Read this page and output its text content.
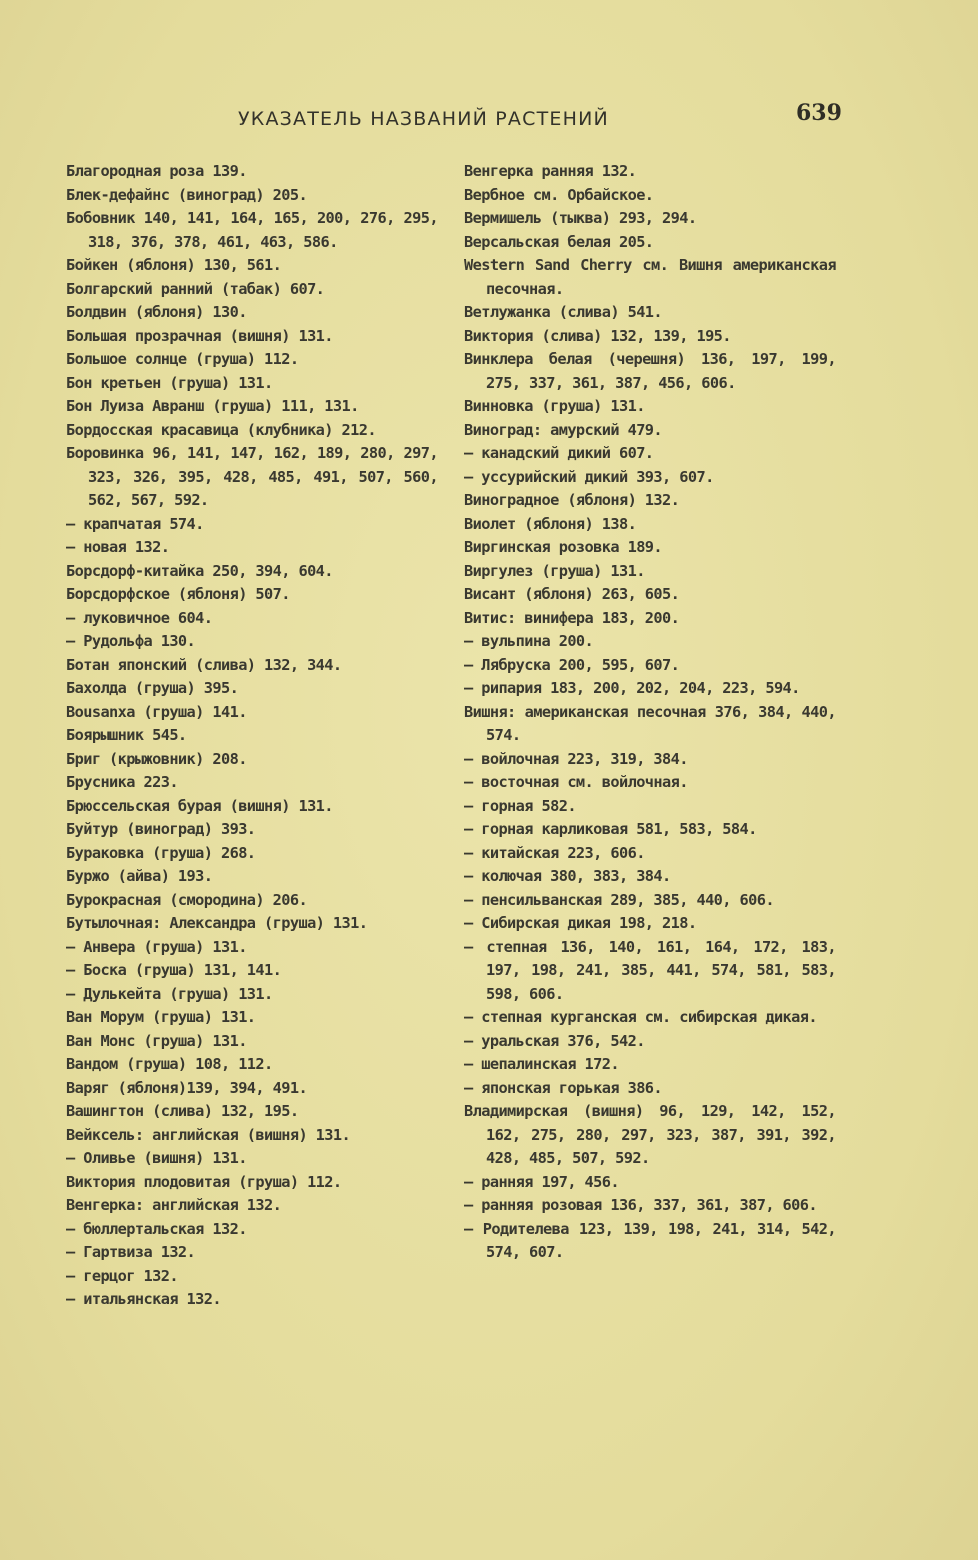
УКАЗАТЕЛЬ НАЗВАНИЙ РАСТЕНИЙ	639
Благородная роза 139.
Блек-дефайнс (виноград) 205.
Бобовник 140, 141, 164, 165, 200, 276, 295, 318, 376, 378, 461, 463, 586.
Бойкен (яблоня) 130, 561.
Болгарский ранний (табак) 607.
Болдвин (яблоня) 130.
Большая прозрачная (вишня) 131.
Большое солнце (груша) 112.
Бон кретьен (груша) 131.
Бон Луиза Авранш (груша) 111, 131.
Бордосская красавица (клубника) 212.
Боровинка 96, 141, 147, 162, 189, 280, 297, 323, 326, 395, 428, 485, 491, 507, 560, 562, 567, 592.
— крапчатая 574.
— новая 132.
Борсдорф-китайка 250, 394, 604.
Борсдорфское (яблоня) 507.
— луковичное 604.
— Рудольфа 130.
Ботан японский (слива) 132, 344.
Бахолда (груша) 395.
Bousanxa (груша) 141.
Боярышник 545.
Бриг (крыжовник) 208.
Брусника 223.
Брюссельская бурая (вишня) 131.
Буйтур (виноград) 393.
Бураковка (груша) 268.
Буржо (айва) 193.
Бурокрасная (смородина) 206.
Бутылочная: Александра (груша) 131.
— Анвера (груша) 131.
— Боска (груша) 131, 141.
— Дулькейта (груша) 131.
Ван Морум (груша) 131.
Ван Монс (груша) 131.
Вандом (груша) 108, 112.
Варяг (яблоня)139, 394, 491.
Вашингтон (слива) 132, 195.
Вейксель: английская (вишня) 131.
— Оливье (вишня) 131.
Виктория плодовитая (груша) 112.
Венгерка: английская 132.
— бюллертальская 132.
— Гартвиза 132.
— герцог 132.
— итальянская 132.
Венгерка ранняя 132.
Вербное см. Орбайское.
Вермишель (тыква) 293, 294.
Версальская белая 205.
Western Sand Cherry см. Вишня американская песочная.
Ветлужанка (слива) 541.
Виктория (слива) 132, 139, 195.
Винклера белая (черешня) 136, 197, 199, 275, 337, 361, 387, 456, 606.
Винновка (груша) 131.
Виноград: амурский 479.
— канадский дикий 607.
— уссурийский дикий 393, 607.
Виноградное (яблоня) 132.
Виолет (яблоня) 138.
Виргинская розовка 189.
Виргулез (груша) 131.
Висант (яблоня) 263, 605.
Витис: винифера 183, 200.
— вульпина 200.
— Лябруска 200, 595, 607.
— рипария 183, 200, 202, 204, 223, 594.
Вишня: американская песочная 376, 384, 440, 574.
— войлочная 223, 319, 384.
— восточная см. войлочная.
— горная 582.
— горная карликовая 581, 583, 584.
— китайская 223, 606.
— колючая 380, 383, 384.
— пенсильванская 289, 385, 440, 606.
— Сибирская дикая 198, 218.
— степная 136, 140, 161, 164, 172, 183, 197, 198, 241, 385, 441, 574, 581, 583, 598, 606.
— степная курганская см. сибирская дикая.
— уральская 376, 542.
— шепалинская 172.
— японская горькая 386.
Владимирская (вишня) 96, 129, 142, 152, 162, 275, 280, 297, 323, 387, 391, 392, 428, 485, 507, 592.
— ранняя 197, 456.
— ранняя розовая 136, 337, 361, 387, 606.
— Родителева 123, 139, 198, 241, 314, 542, 574, 607.
